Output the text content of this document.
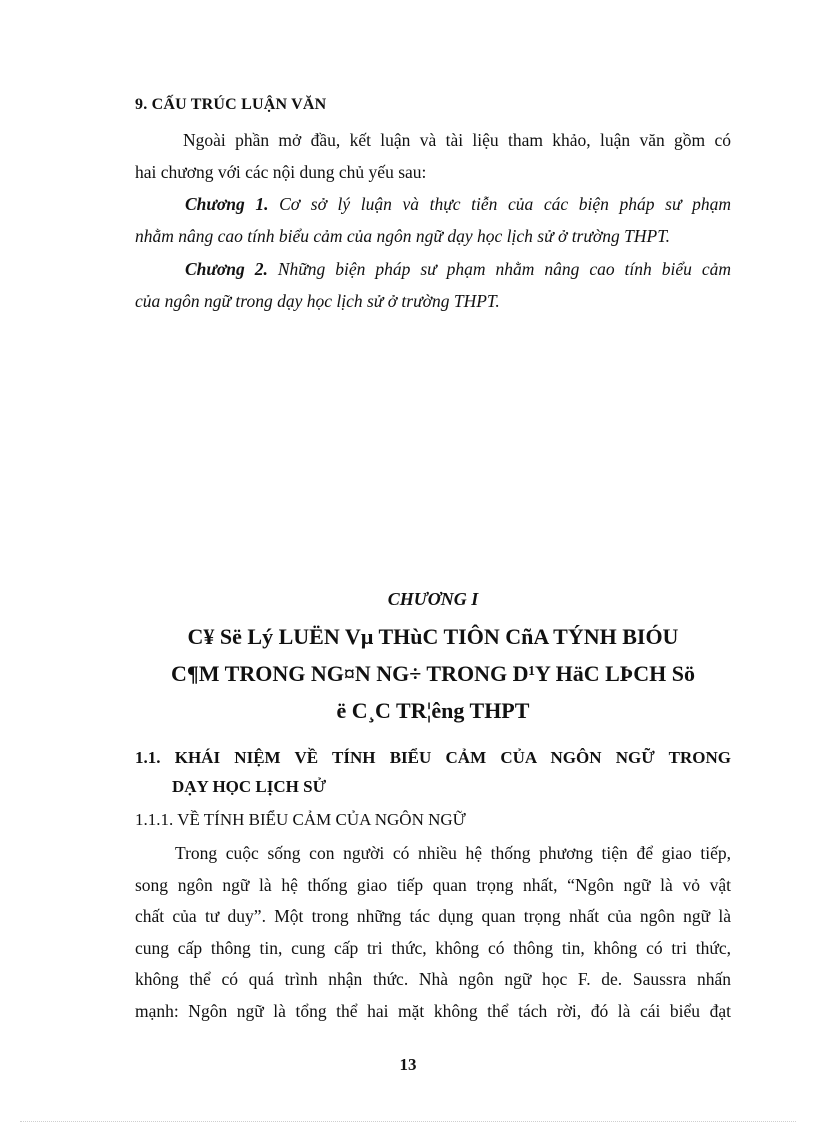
9. CẤU TRÚC LUẬN VĂN
Ngoài phần mở đầu, kết luận và tài liệu tham khảo, luận văn gồm có
hai chương với các nội dung chủ yếu sau:
Chương 1. Cơ sở lý luận và thực tiễn của các biện pháp sư phạm
nhằm nâng cao tính biểu cảm của ngôn ngữ dạy học lịch sử ở trường THPT.
Chương 2. Những biện pháp sư phạm nhằm nâng cao tính biểu cảm
của ngôn ngữ trong dạy học lịch sử ở trường THPT.
CHƯƠNG I
C¥ Së Lý LUËN Vµ THùC TIÔN CñA TÝNH BIÓU
C¶M TRONG NG¤N NG÷ TRONG D¹Y HäC LÞCH Sö
ë C¸C TR¦êng THPT
1.1. KHÁI NIỆM VỀ TÍNH BIỂU CẢM CỦA NGÔN NGỮ TRONG
DẠY HỌC LỊCH SỬ
1.1.1. VỀ TÍNH BIỂU CẢM CỦA NGÔN NGỮ
Trong cuộc sống con người có nhiều hệ thống phương tiện để giao tiếp,
song ngôn ngữ là hệ thống giao tiếp quan trọng nhất, “Ngôn ngữ là vỏ vật
chất của tư duy”. Một trong những tác dụng quan trọng nhất của ngôn ngữ là
cung cấp thông tin, cung cấp tri thức, không có thông tin, không có tri thức,
không thể có quá trình nhận thức. Nhà ngôn ngữ học F. de. Saussra nhấn
mạnh: Ngôn ngữ là tổng thể hai mặt không thể tách rời, đó là cái biểu đạt
13
